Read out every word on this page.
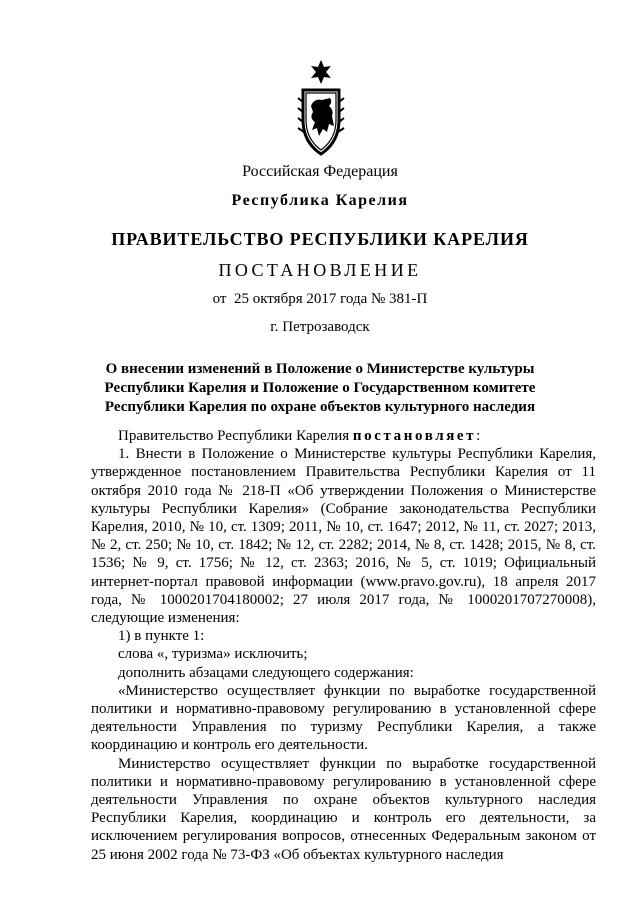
Российская Федерация
Республика Карелия
ПРАВИТЕЛЬСТВО РЕСПУБЛИКИ КАРЕЛИЯ
ПОСТАНОВЛЕНИЕ
от  25 октября 2017 года № 381-П
г. Петрозаводск
О внесении изменений в Положение о Министерстве культуры
Республики Карелия и Положение о Государственном комитете
Республики Карелия по охране объектов культурного наследия

Правительство Республики Карелия постановляет:

1. Внести в Положение о Министерстве культуры Республики Карелия, утвержденное постановлением Правительства Республики Карелия от 11 октября 2010 года № 218-П «Об утверждении Положения о Министерстве культуры Республики Карелия» (Собрание законодательства Республики Карелия, 2010, № 10, ст. 1309; 2011, № 10, ст. 1647; 2012, № 11, ст. 2027; 2013, № 2, ст. 250; № 10, ст. 1842; № 12, ст. 2282; 2014, № 8, ст. 1428; 2015, № 8, ст. 1536; № 9, ст. 1756; № 12, ст. 2363; 2016, № 5, ст. 1019; Официальный интернет-портал правовой информации (www.pravo.gov.ru), 18 апреля 2017 года, № 1000201704180002; 27 июля 2017 года, № 1000201707270008), следующие изменения:

1) в пункте 1:

слова «, туризма» исключить;

дополнить абзацами следующего содержания:

«Министерство осуществляет функции по выработке государственной политики и нормативно-правовому регулированию в установленной сфере деятельности Управления по туризму Республики Карелия, а также координацию и контроль его деятельности.

Министерство осуществляет функции по выработке государственной политики и нормативно-правовому регулированию в установленной сфере деятельности Управления по охране объектов культурного наследия Республики Карелия, координацию и контроль его деятельности, за исключением регулирования вопросов, отнесенных Федеральным законом от 25 июня 2002 года № 73-ФЗ «Об объектах культурного наследия
